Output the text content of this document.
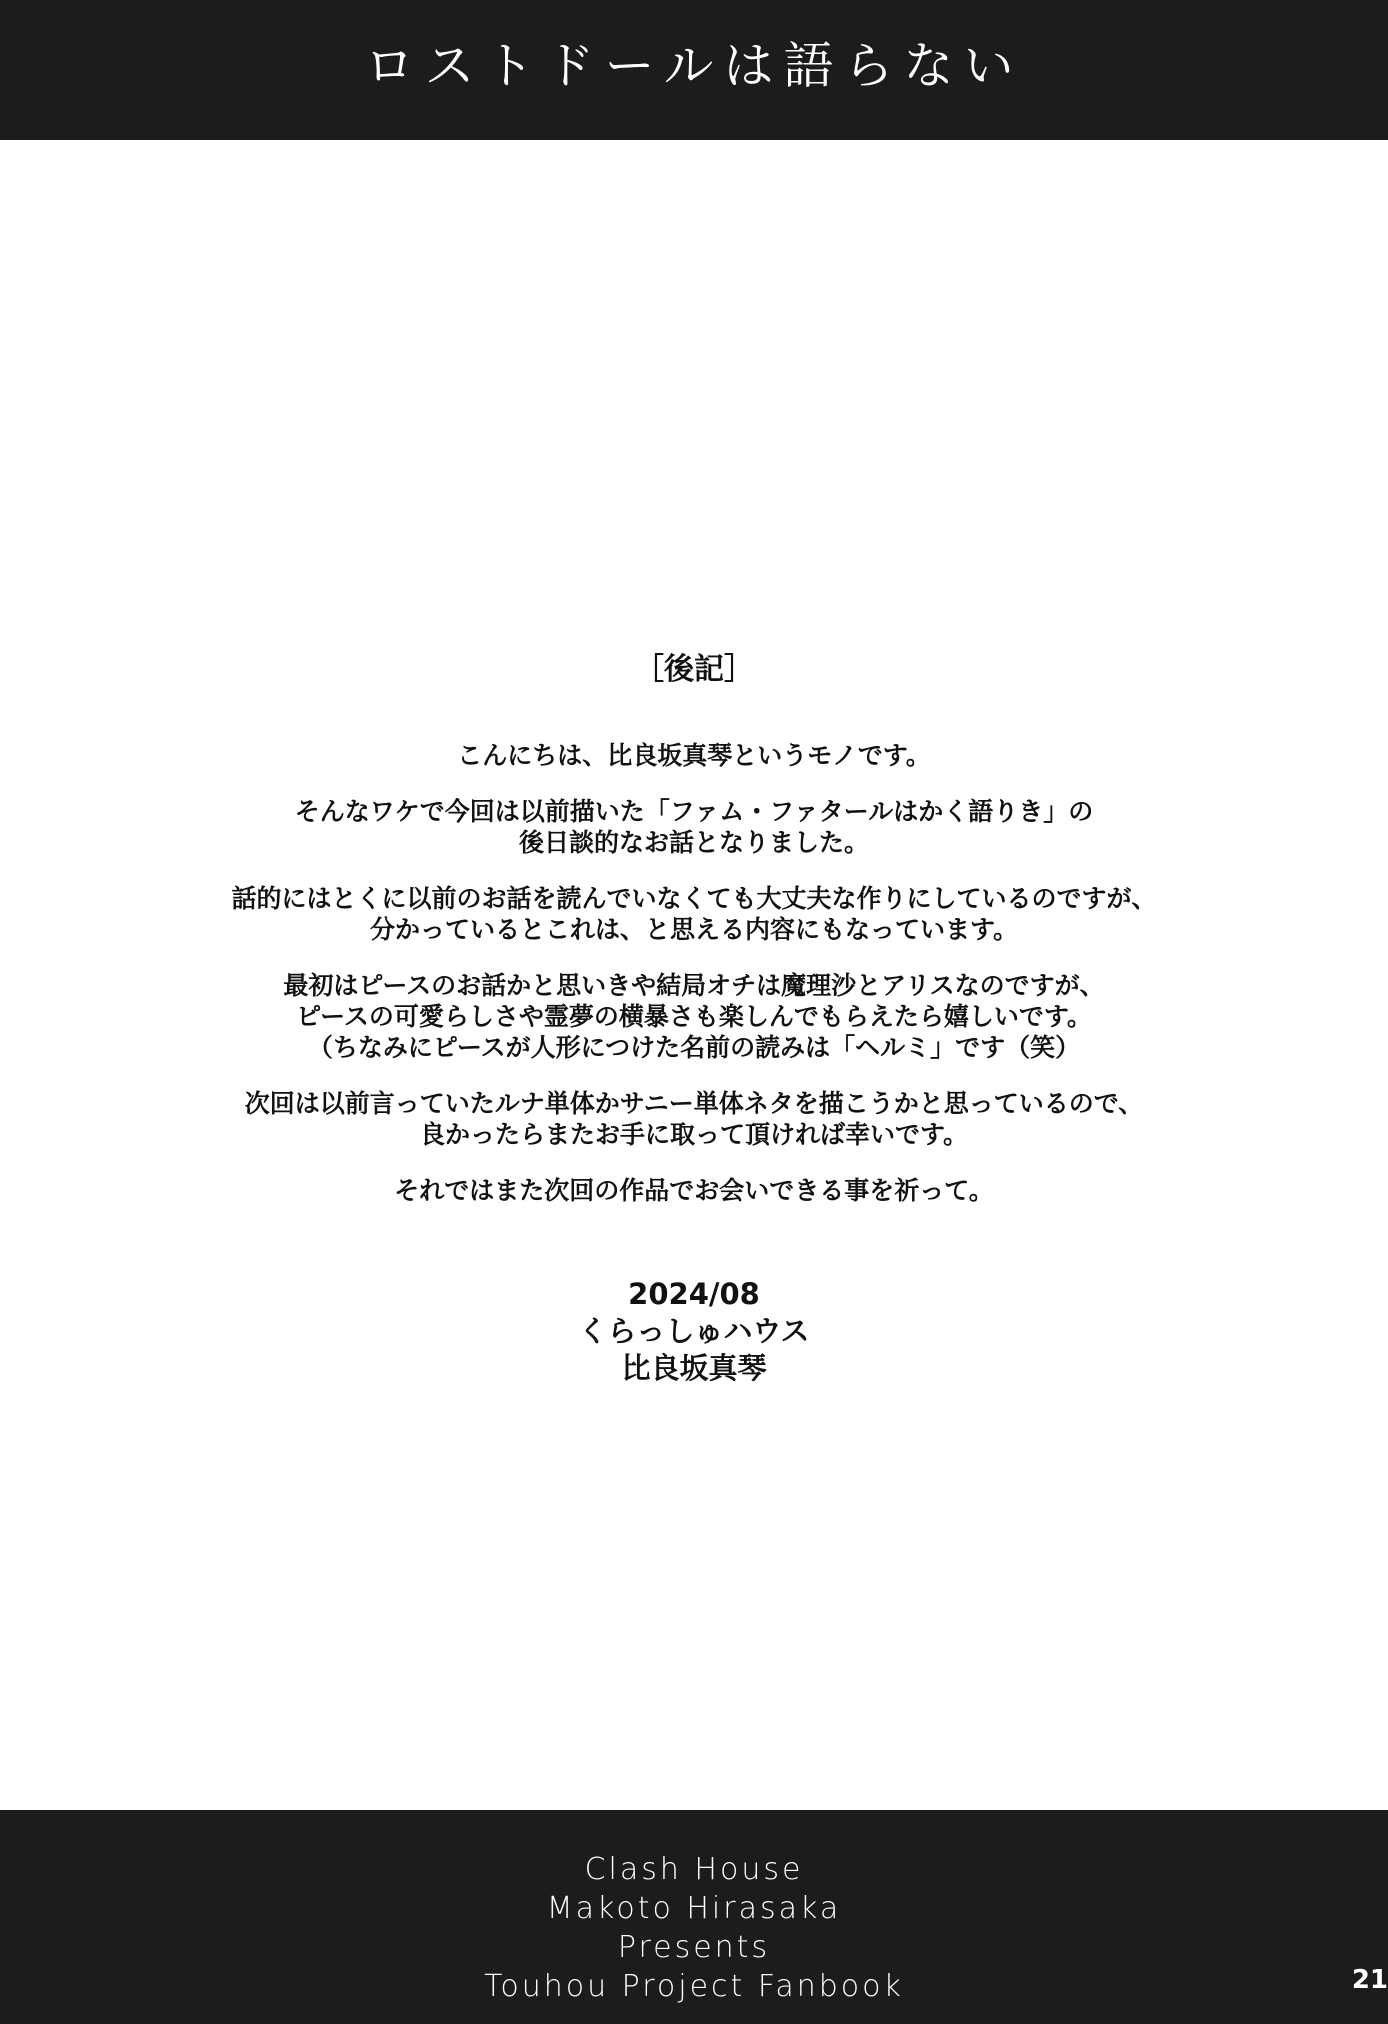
ロストドールは語らない
［後記］
こんにちは、比良坂真琴というモノです。
そんなワケで今回は以前描いた「ファム・ファタールはかく語りき」の
後日談的なお話となりました。
話的にはとくに以前のお話を読んでいなくても大丈夫な作りにしているのですが、
分かっているとこれは、と思える内容にもなっています。
最初はピースのお話かと思いきや結局オチは魔理沙とアリスなのですが、
ピースの可愛らしさや霊夢の横暴さも楽しんでもらえたら嬉しいです。
（ちなみにピースが人形につけた名前の読みは「ヘルミ」です（笑）
次回は以前言っていたルナ単体かサニー単体ネタを描こうかと思っているので、
良かったらまたお手に取って頂ければ幸いです。
それではまた次回の作品でお会いできる事を祈って。
2024/08
くらっしゅハウス
比良坂真琴
Clash House
Makoto Hirasaka
Presents
Touhou Project Fanbook	21
